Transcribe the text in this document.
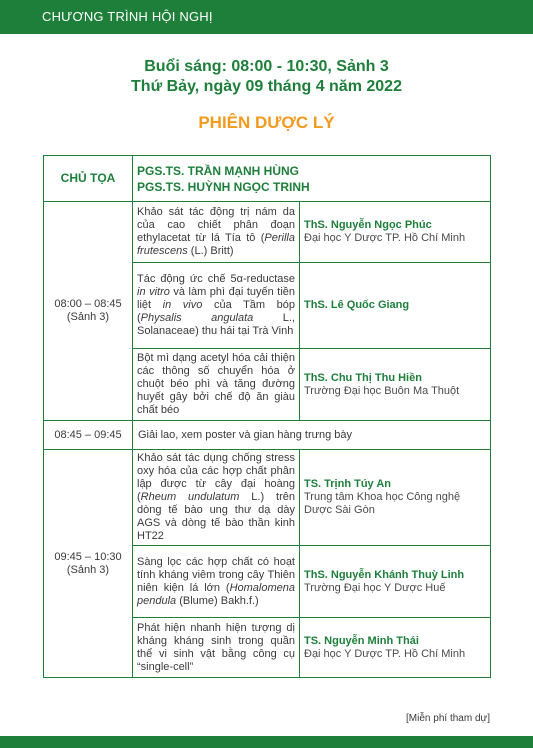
CHƯƠNG TRÌNH HỘI NGHỊ
Buổi sáng: 08:00 - 10:30, Sảnh 3
Thứ Bảy, ngày 09 tháng 4 năm 2022
PHIÊN DƯỢC LÝ
CHỦ TỌA	PGS.TS. TRẦN MẠNH HÙNG
PGS.TS. HUỲNH NGỌC TRINH	

08:00 – 08:45
(Sảnh 3)	Khảo sát tác động trị nám da của cao chiết phân đoạn ethylacetat từ lá Tía tô (Perilla frutescens (L.) Britt)	ThS. Nguyễn Ngọc Phúc
Đại học Y Dược TP. Hồ Chí Minh

	Tác động ức chế 5α-reductase in vitro và làm phì đại tuyến tiền liệt in vivo của Tầm bóp (Physalis angulata L., Solanaceae) thu hái tại Trà Vinh	ThS. Lê Quốc Giang

	Bột mì dạng acetyl hóa cải thiện các thông số chuyển hóa ở chuột béo phì và tăng đường huyết gây bởi chế độ ăn giàu chất béo	ThS. Chu Thị Thu Hiền
Trường Đại học Buôn Ma Thuột

08:45 – 09:45	Giải lao, xem poster và gian hàng trưng bày	
09:45 – 10:30
(Sảnh 3)	Khảo sát tác dụng chống stress oxy hóa của các hợp chất phân lập được từ cây đại hoàng (Rheum undulatum L.) trên dòng tế bào ung thư dạ dày AGS và dòng tế bào thần kinh HT22	TS. Trịnh Túy An
Trung tâm Khoa học Công nghệ Dược Sài Gòn

	Sàng lọc các hợp chất có hoạt tính kháng viêm trong cây Thiên niên kiện lá lớn (Homalomena pendula (Blume) Bakh.f.)	ThS. Nguyễn Khánh Thuỳ Linh
Trường Đại học Y Dược Huế

	Phát hiện nhanh hiện tượng dị kháng kháng sinh trong quần thể vi sinh vật bằng công cụ “single-cell”	TS. Nguyễn Minh Thái
Đại học Y Dược TP. Hồ Chí Minh
[Miễn phí tham dự]
